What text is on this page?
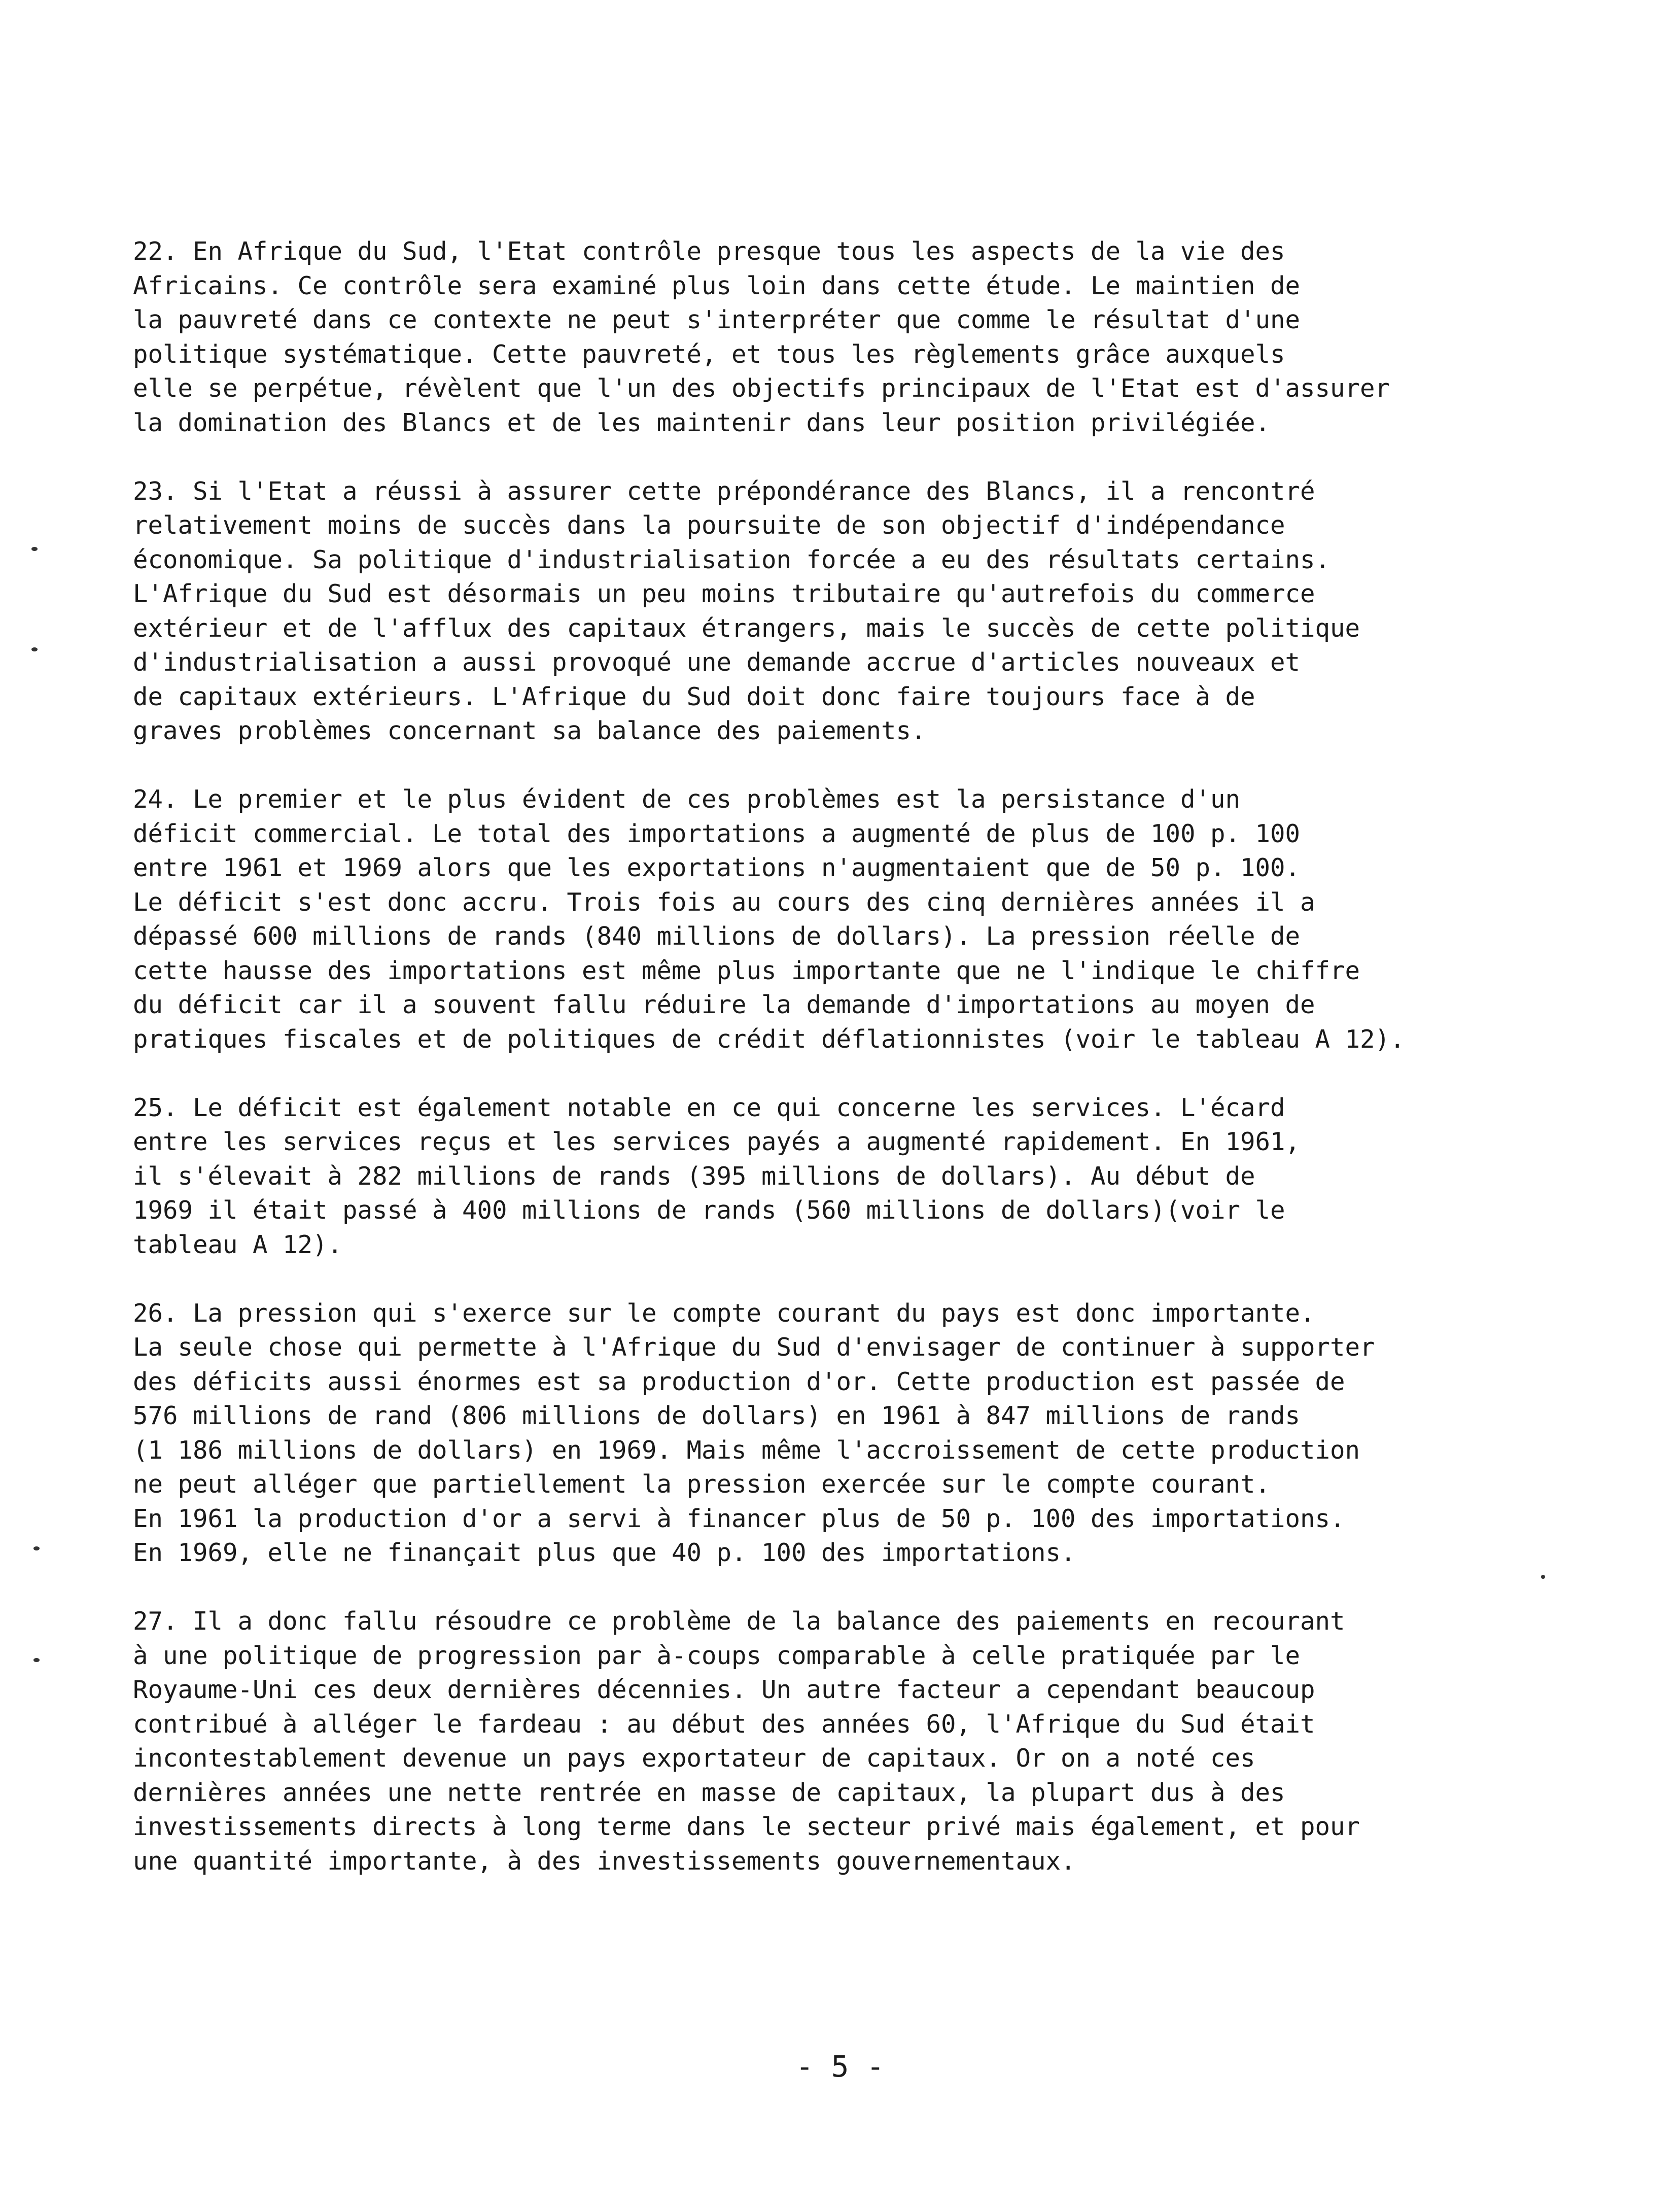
22. En Afrique du Sud, l'Etat contrôle presque tous les aspects de la vie des
Africains. Ce contrôle sera examiné plus loin dans cette étude. Le maintien de
la pauvreté dans ce contexte ne peut s'interpréter que comme le résultat d'une
politique systématique. Cette pauvreté, et tous les règlements grâce auxquels
elle se perpétue, révèlent que l'un des objectifs principaux de l'Etat est d'assurer
la domination des Blancs et de les maintenir dans leur position privilégiée.
23. Si l'Etat a réussi à assurer cette prépondérance des Blancs, il a rencontré
relativement moins de succès dans la poursuite de son objectif d'indépendance
économique. Sa politique d'industrialisation forcée a eu des résultats certains.
L'Afrique du Sud est désormais un peu moins tributaire qu'autrefois du commerce
extérieur et de l'afflux des capitaux étrangers, mais le succès de cette politique
d'industrialisation a aussi provoqué une demande accrue d'articles nouveaux et
de capitaux extérieurs. L'Afrique du Sud doit donc faire toujours face à de
graves problèmes concernant sa balance des paiements.
24. Le premier et le plus évident de ces problèmes est la persistance d'un
déficit commercial. Le total des importations a augmenté de plus de 100 p. 100
entre 1961 et 1969 alors que les exportations n'augmentaient que de 50 p. 100.
Le déficit s'est donc accru. Trois fois au cours des cinq dernières années il a
dépassé 600 millions de rands (840 millions de dollars). La pression réelle de
cette hausse des importations est même plus importante que ne l'indique le chiffre
du déficit car il a souvent fallu réduire la demande d'importations au moyen de
pratiques fiscales et de politiques de crédit déflationnistes (voir le tableau A 12).
25. Le déficit est également notable en ce qui concerne les services. L'écard
entre les services reçus et les services payés a augmenté rapidement. En 1961,
il s'élevait à 282 millions de rands (395 millions de dollars). Au début de
1969 il était passé à 400 millions de rands (560 millions de dollars)(voir le
tableau A 12).
26. La pression qui s'exerce sur le compte courant du pays est donc importante.
La seule chose qui permette à l'Afrique du Sud d'envisager de continuer à supporter
des déficits aussi énormes est sa production d'or. Cette production est passée de
576 millions de rand (806 millions de dollars) en 1961 à 847 millions de rands
(1 186 millions de dollars) en 1969. Mais même l'accroissement de cette production
ne peut alléger que partiellement la pression exercée sur le compte courant.
En 1961 la production d'or a servi à financer plus de 50 p. 100 des importations.
En 1969, elle ne finançait plus que 40 p. 100 des importations.
27. Il a donc fallu résoudre ce problème de la balance des paiements en recourant
à une politique de progression par à-coups comparable à celle pratiquée par le
Royaume-Uni ces deux dernières décennies. Un autre facteur a cependant beaucoup
contribué à alléger le fardeau : au début des années 60, l'Afrique du Sud était
incontestablement devenue un pays exportateur de capitaux. Or on a noté ces
dernières années une nette rentrée en masse de capitaux, la plupart dus à des
investissements directs à long terme dans le secteur privé mais également, et pour
une quantité importante, à des investissements gouvernementaux.
- 5 -
